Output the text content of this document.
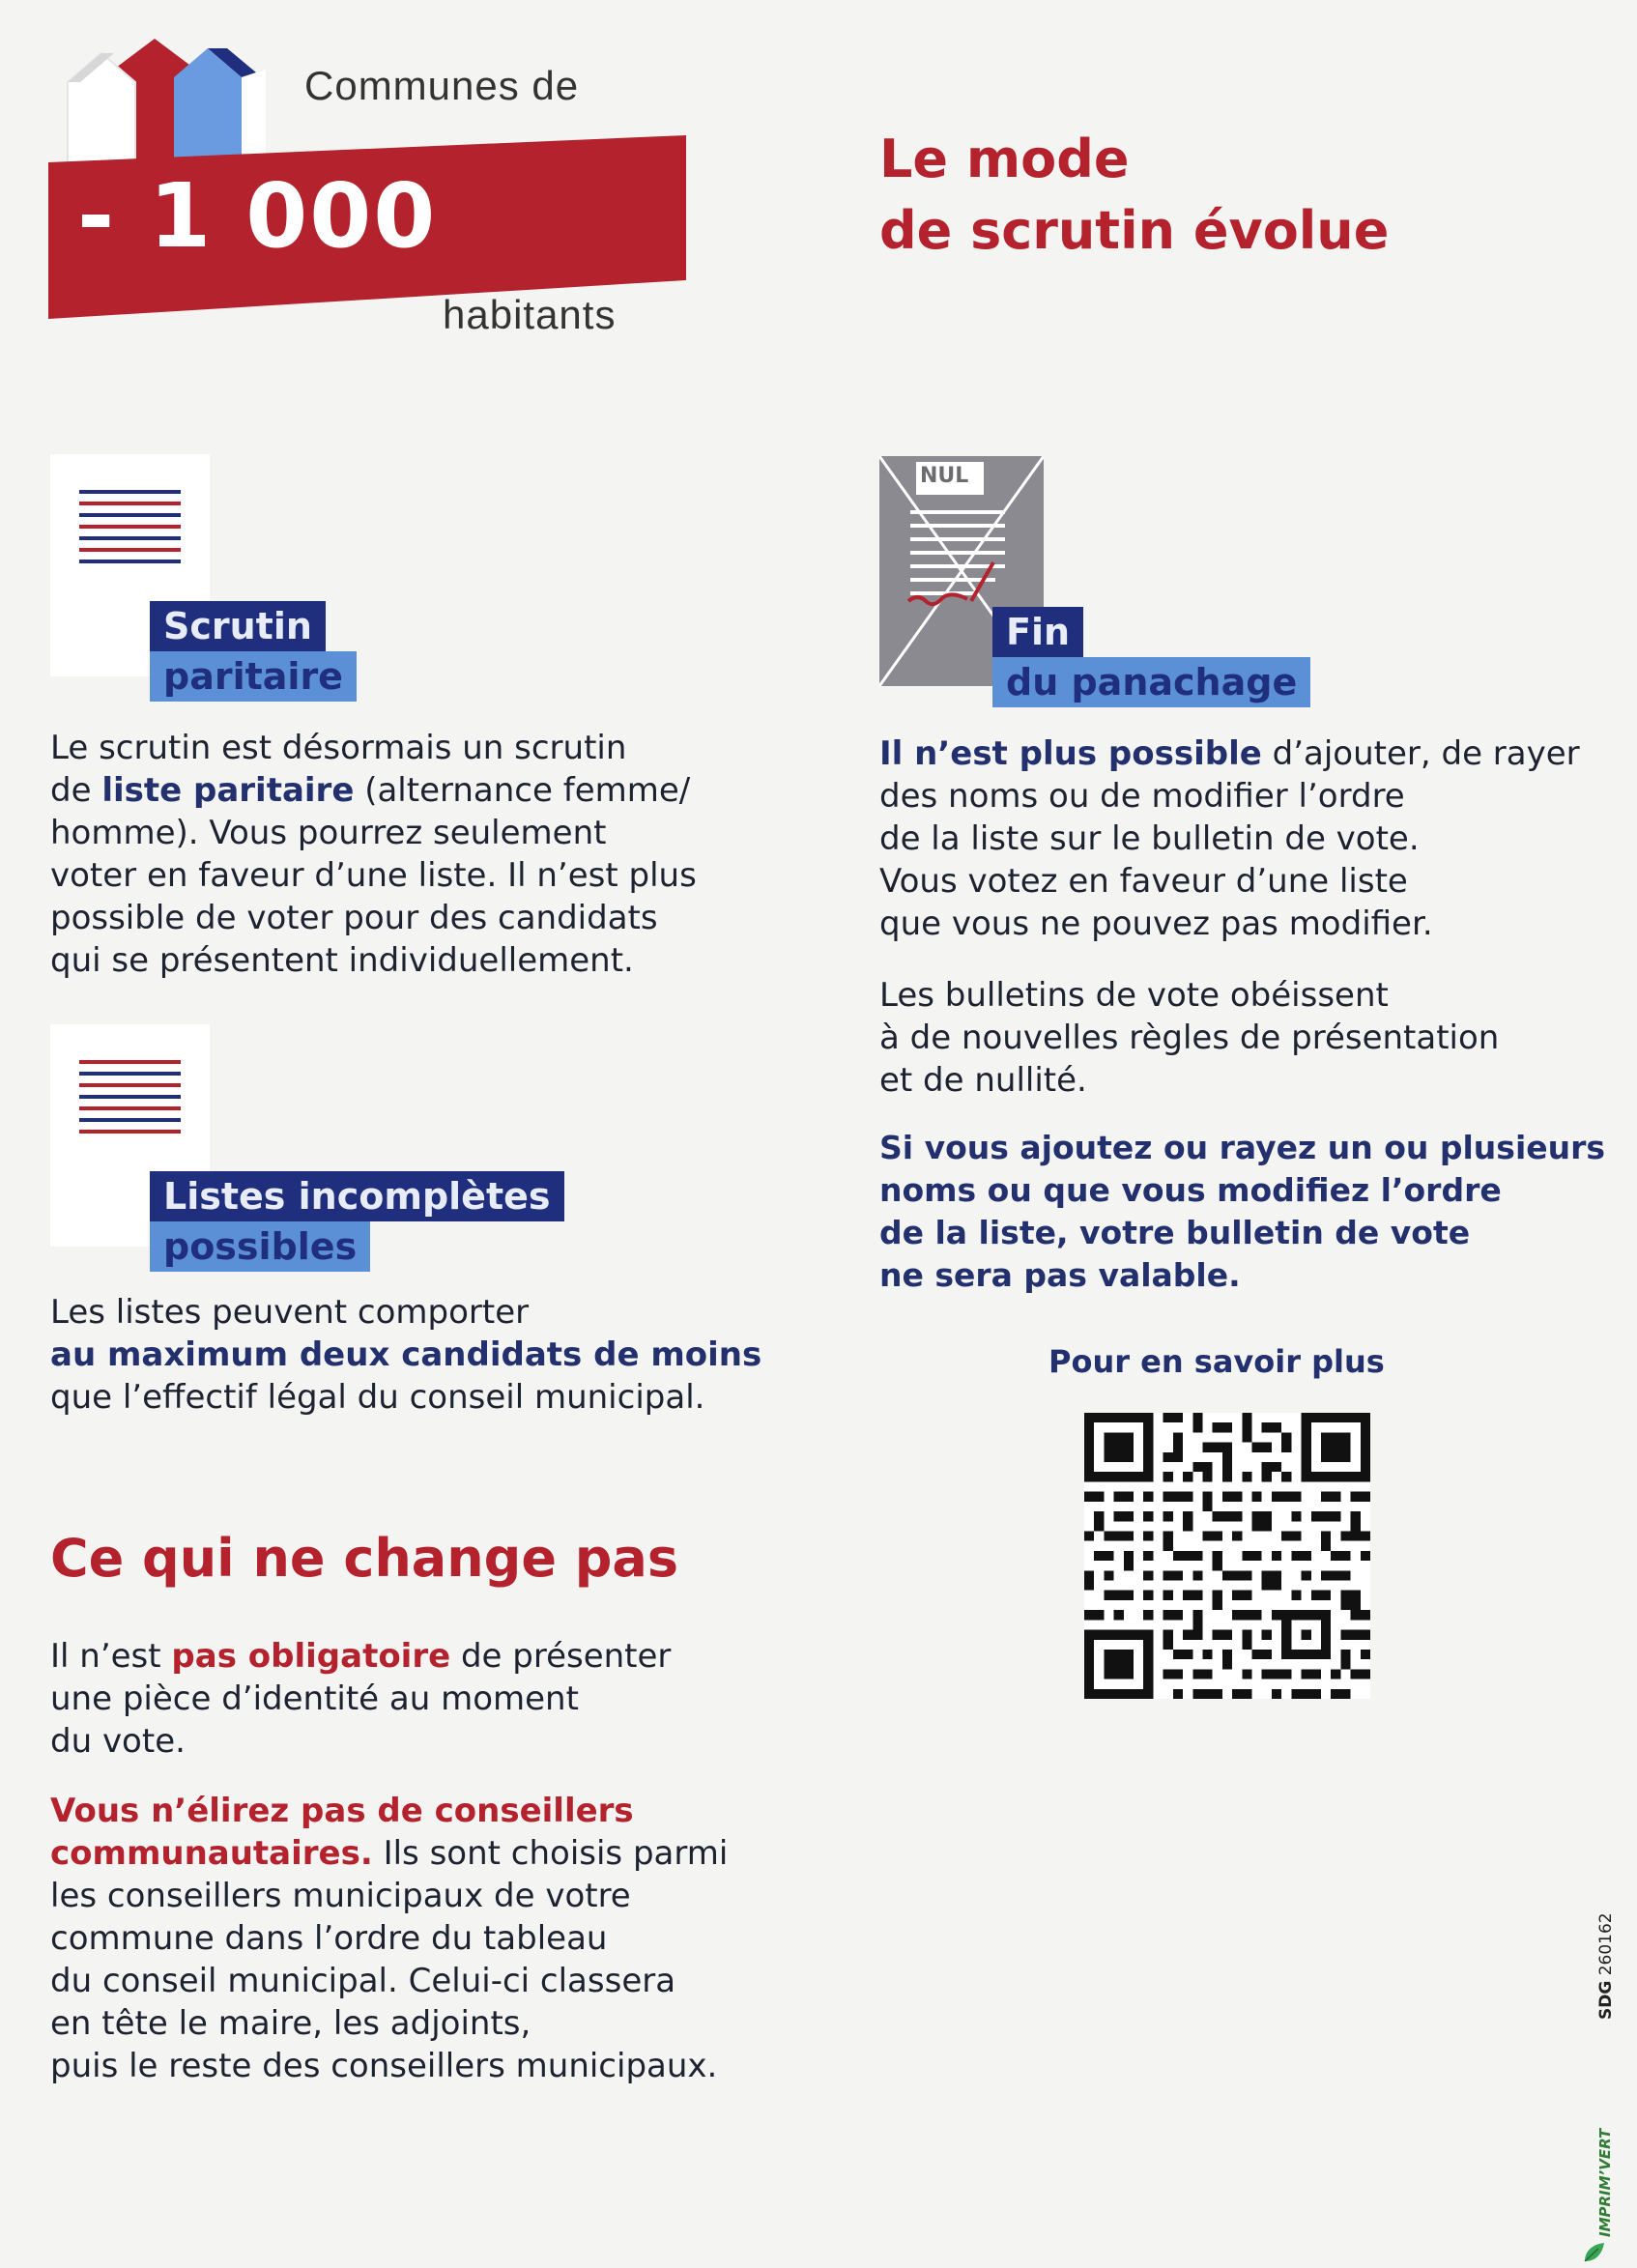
Communes de
- 1 000
habitants
Le mode
de scrutin évolue
Scrutin
paritaire
Le scrutin est désormais un scrutin
de liste paritaire (alternance femme/
homme). Vous pourrez seulement
voter en faveur d’une liste. Il n’est plus
possible de voter pour des candidats
qui se présentent individuellement.
Listes incomplètes
possibles
Les listes peuvent comporter
au maximum deux candidats de moins
que l’effectif légal du conseil municipal.
Ce qui ne change pas
Il n’est pas obligatoire de présenter
une pièce d’identité au moment
du vote.
Vous n’élirez pas de conseillers
communautaires. Ils sont choisis parmi
les conseillers municipaux de votre
commune dans l’ordre du tableau
du conseil municipal. Celui-ci classera
en tête le maire, les adjoints,
puis le reste des conseillers municipaux.
NUL
Fin
du panachage
Il n’est plus possible d’ajouter, de rayer
des noms ou de modifier l’ordre
de la liste sur le bulletin de vote.
Vous votez en faveur d’une liste
que vous ne pouvez pas modifier.
Les bulletins de vote obéissent
à de nouvelles règles de présentation
et de nullité.
Si vous ajoutez ou rayez un ou plusieurs
noms ou que vous modifiez l’ordre
de la liste, votre bulletin de vote
ne sera pas valable.
Pour en savoir plus
SDG 260162
IMPRIM’VERT
